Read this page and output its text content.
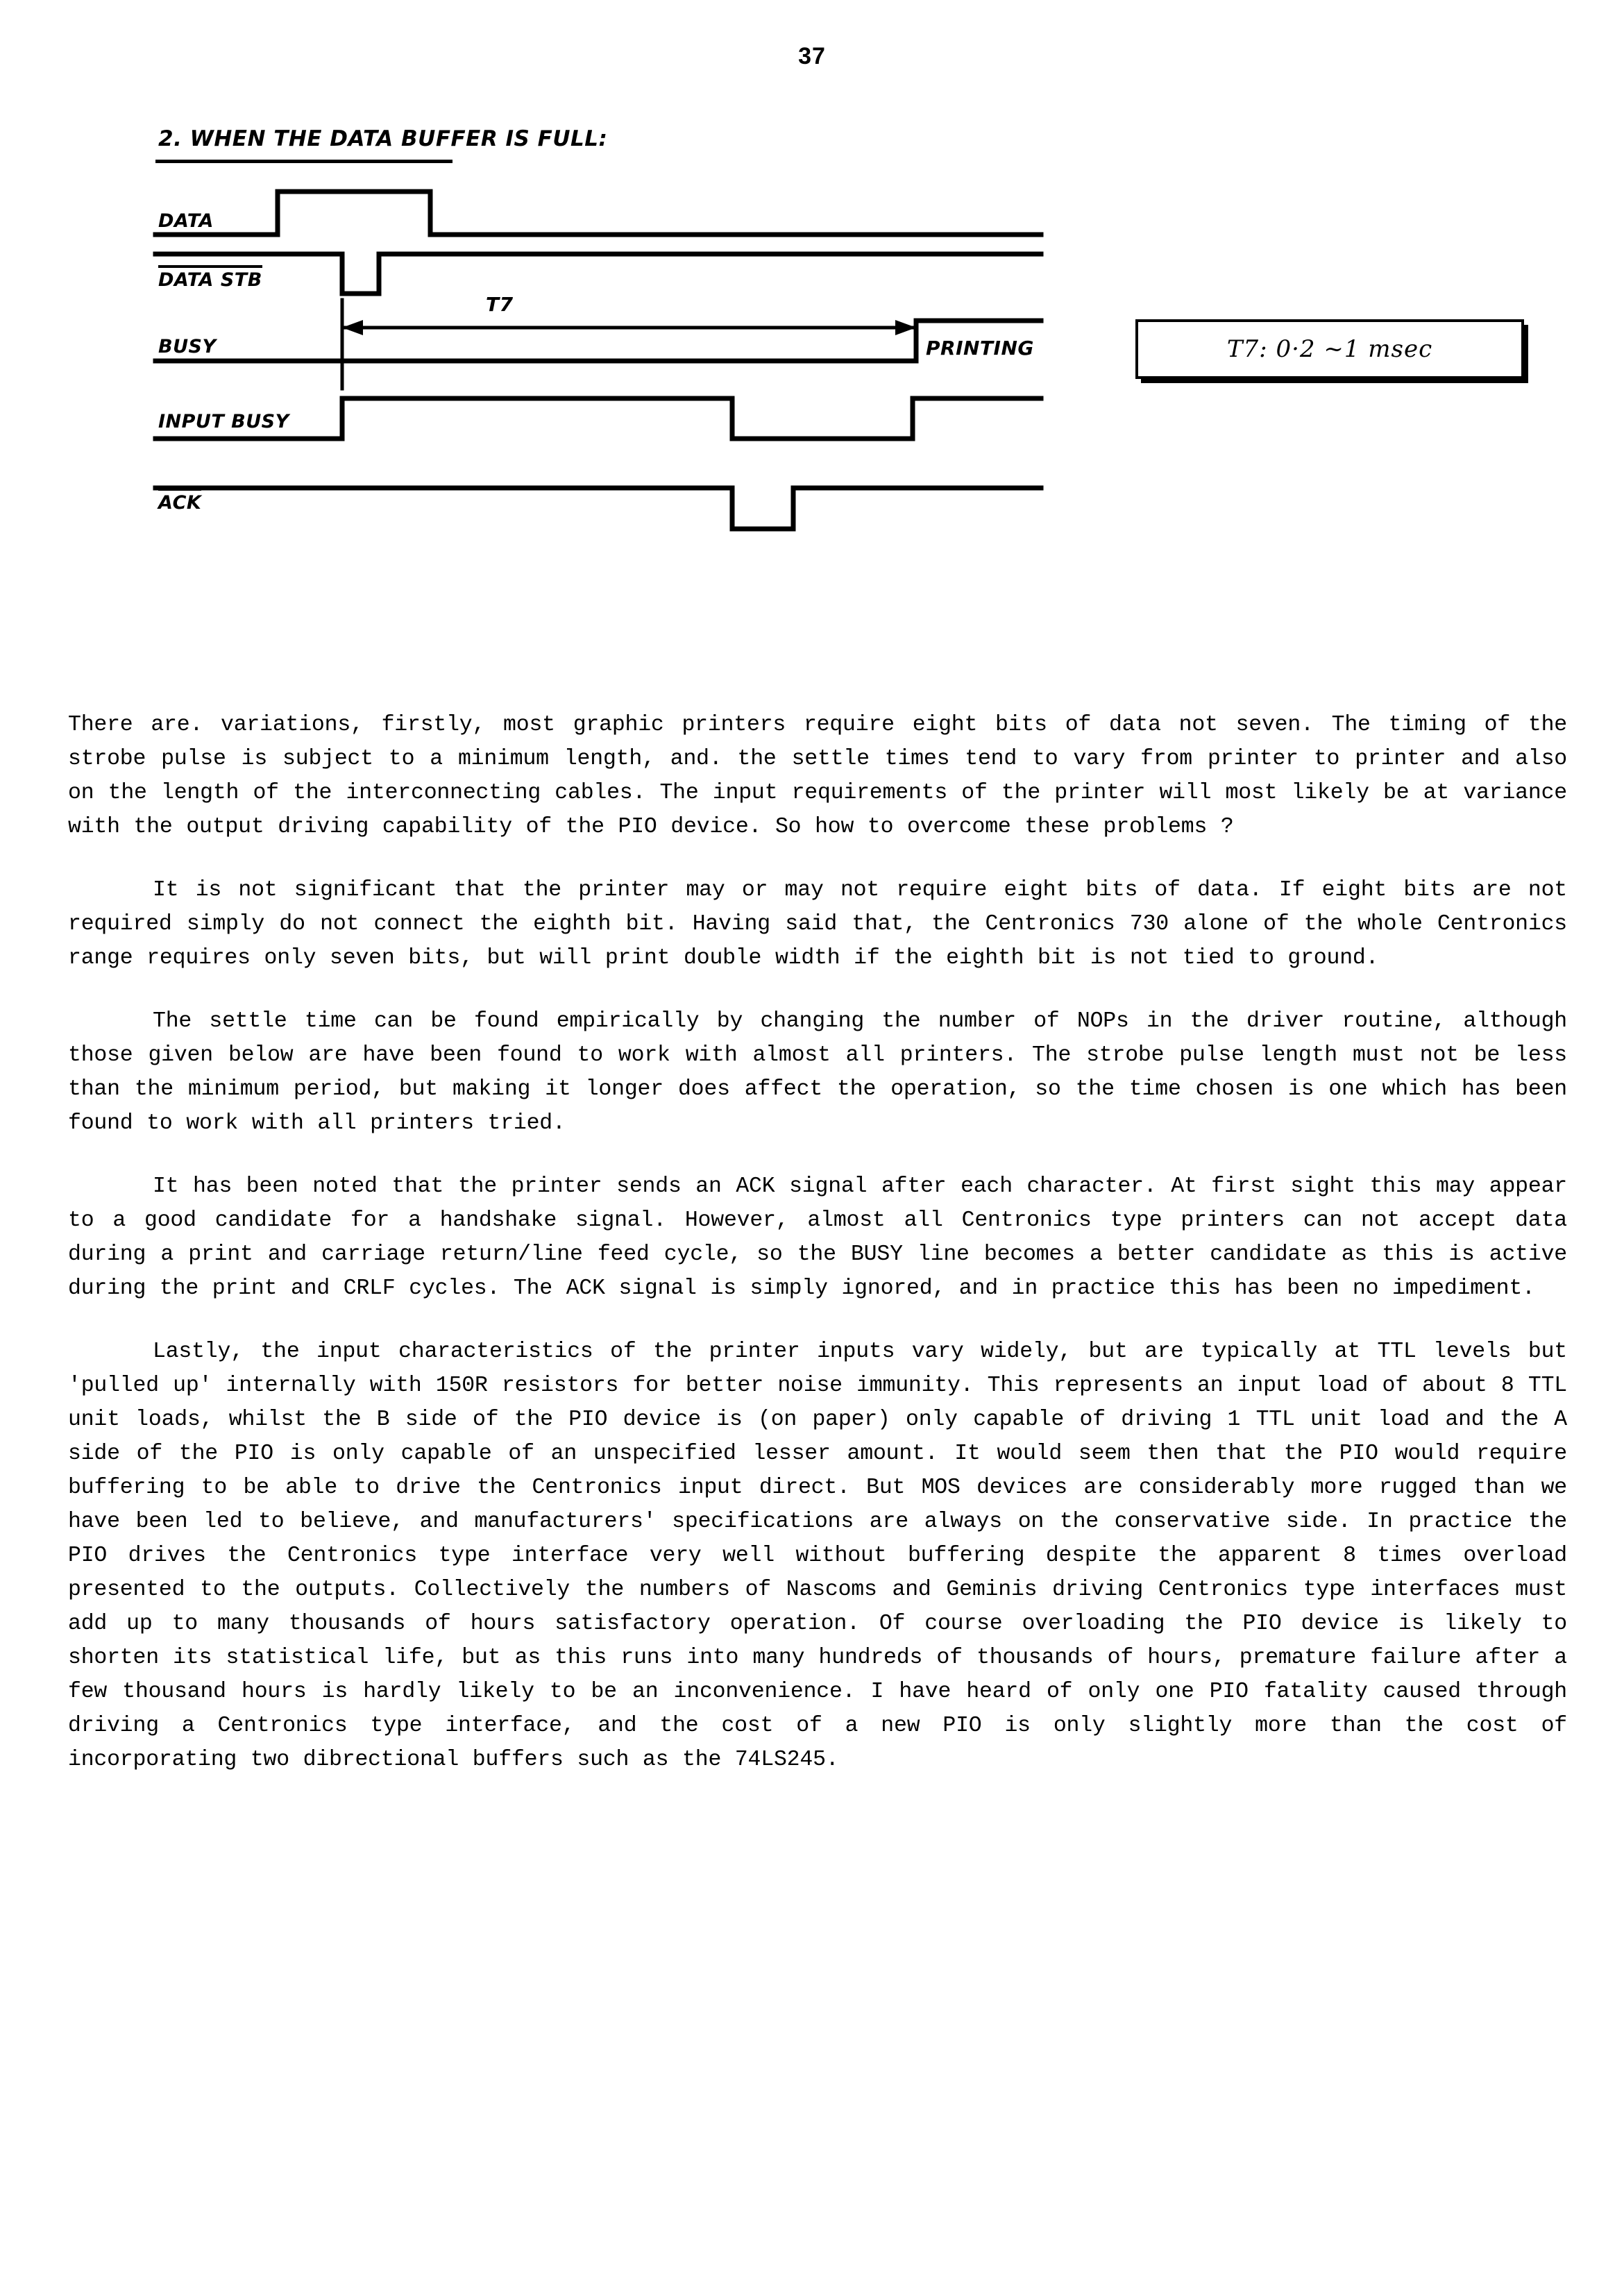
37
2. WHEN THE DATA BUFFER IS FULL:
DATA
DATA STB
BUSY
INPUT BUSY
ACK
T7
PRINTING	T7: 0·2 ~1 msec

There are. variations, firstly, most graphic printers require eight bits of data not seven. The timing of the strobe pulse is subject to a minimum length, and. the settle times tend to vary from printer to printer and also on the length of the interconnecting cables. The input requirements of the printer will most likely be at variance with the output driving capability of the PIO device. So how to overcome these problems ?

It is not significant that the printer may or may not require eight bits of data. If eight bits are not required simply do not connect the eighth bit. Having said that, the Centronics 730 alone of the whole Centronics range requires only seven bits, but will print double width if the eighth bit is not tied to ground.

The settle time can be found empirically by changing the number of NOPs in the driver routine, although those given below are have been found to work with almost all printers. The strobe pulse length must not be less than the minimum period, but making it longer does affect the operation, so the time chosen is one which has been found to work with all printers tried.

It has been noted that the printer sends an ACK signal after each character. At first sight this may appear to a good candidate for a handshake signal. However, almost all Centronics type printers can not accept data during a print and carriage return/line feed cycle, so the BUSY line becomes a better candidate as this is active during the print and CRLF cycles. The ACK signal is simply ignored, and in practice this has been no impediment.

Lastly, the input characteristics of the printer inputs vary widely, but are typically at TTL levels but 'pulled up' internally with 150R resistors for better noise immunity. This represents an input load of about 8 TTL unit loads, whilst the B side of the PIO device is (on paper) only capable of driving 1 TTL unit load and the A side of the PIO is only capable of an unspecified lesser amount. It would seem then that the PIO would require buffering to be able to drive the Centronics input direct. But MOS devices are considerably more rugged than we have been led to believe, and manufacturers' specifications are always on the conservative side. In practice the PIO drives the Centronics type interface very well without buffering despite the apparent 8 times overload presented to the outputs. Collectively the numbers of Nascoms and Geminis driving Centronics type interfaces must add up to many thousands of hours satisfactory operation. Of course overloading the PIO device is likely to shorten its statistical life, but as this runs into many hundreds of thousands of hours, premature failure after a few thousand hours is hardly likely to be an inconvenience. I have heard of only one PIO fatality caused through driving a Centronics type interface, and the cost of a new PIO is only slightly more than the cost of incorporating two dibrectional buffers such as the 74LS245.
